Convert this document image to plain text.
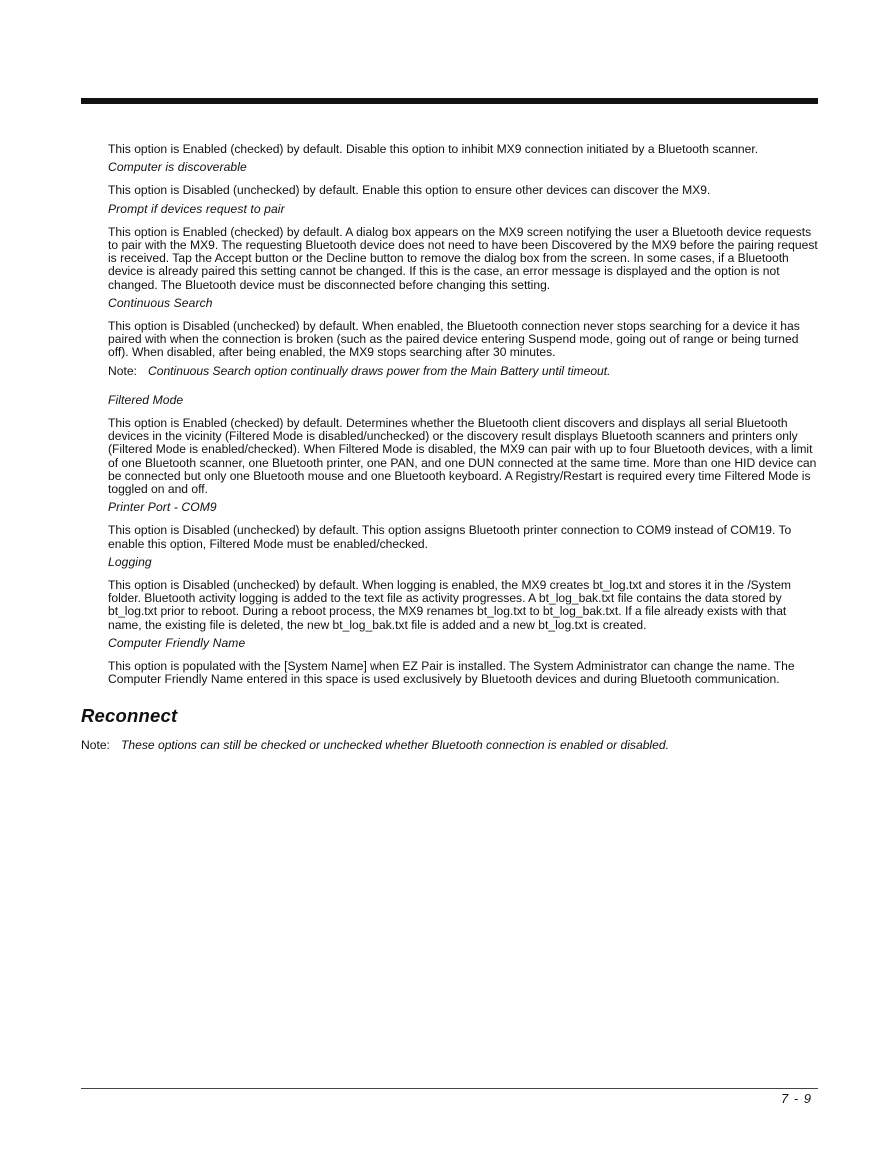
This option is Enabled (checked) by default. Disable this option to inhibit MX9 connection initiated by a Bluetooth scanner.

Computer is discoverable

This option is Disabled (unchecked) by default. Enable this option to ensure other devices can discover the MX9.

Prompt if devices request to pair

This option is Enabled (checked) by default. A dialog box appears on the MX9 screen notifying the user a Bluetooth device requests to pair with the MX9. The requesting Bluetooth device does not need to have been Discovered by the MX9 before the pairing request is received. Tap the Accept button or the Decline button to remove the dialog box from the screen. In some cases, if a Bluetooth device is already paired this setting cannot be changed. If this is the case, an error message is displayed and the option is not changed. The Bluetooth device must be disconnected before changing this setting.

Continuous Search

This option is Disabled (unchecked) by default. When enabled, the Bluetooth connection never stops searching for a device it has paired with when the connection is broken (such as the paired device entering Suspend mode, going out of range or being turned off). When disabled, after being enabled, the MX9 stops searching after 30 minutes.

Note: Continuous Search option continually draws power from the Main Battery until timeout.

Filtered Mode

This option is Enabled (checked) by default. Determines whether the Bluetooth client discovers and displays all serial Bluetooth devices in the vicinity (Filtered Mode is disabled/unchecked) or the discovery result displays Bluetooth scanners and printers only (Filtered Mode is enabled/checked). When Filtered Mode is disabled, the MX9 can pair with up to four Bluetooth devices, with a limit of one Bluetooth scanner, one Bluetooth printer, one PAN, and one DUN connected at the same time. More than one HID device can be connected but only one Bluetooth mouse and one Bluetooth keyboard. A Registry/Restart is required every time Filtered Mode is toggled on and off.

Printer Port - COM9

This option is Disabled (unchecked) by default. This option assigns Bluetooth printer connection to COM9 instead of COM19. To enable this option, Filtered Mode must be enabled/checked.

Logging

This option is Disabled (unchecked) by default. When logging is enabled, the MX9 creates bt_log.txt and stores it in the /System folder. Bluetooth activity logging is added to the text file as activity progresses. A bt_log_bak.txt file contains the data stored by bt_log.txt prior to reboot. During a reboot process, the MX9 renames bt_log.txt to bt_log_bak.txt. If a file already exists with that name, the existing file is deleted, the new bt_log_bak.txt file is added and a new bt_log.txt is created.

Computer Friendly Name

This option is populated with the [System Name] when EZ Pair is installed. The System Administrator can change the name. The Computer Friendly Name entered in this space is used exclusively by Bluetooth devices and during Bluetooth communication.

Reconnect

Note: These options can still be checked or unchecked whether Bluetooth connection is enabled or disabled.

7 - 9
